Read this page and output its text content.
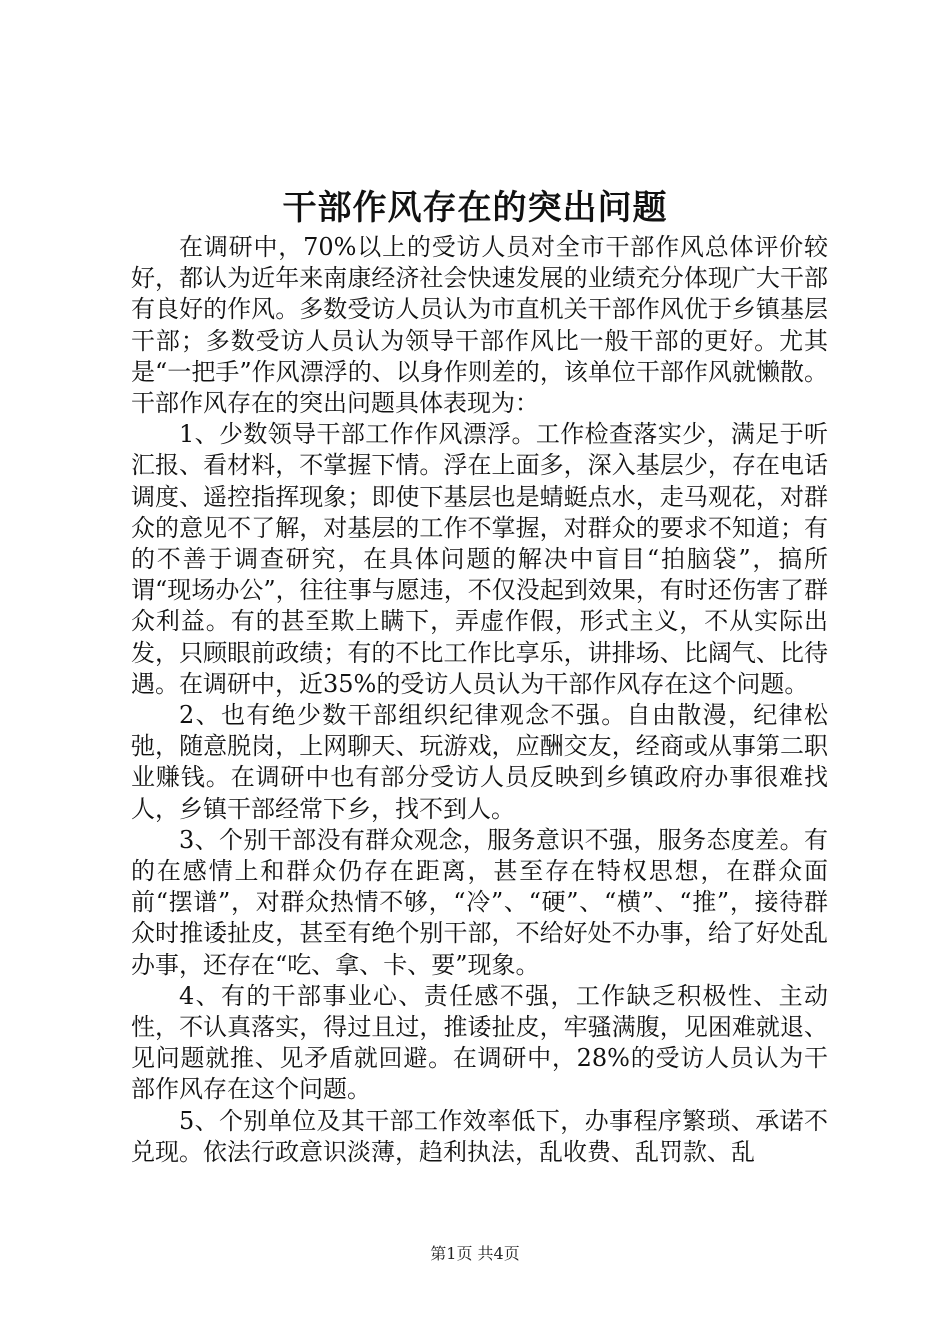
干部作风存在的突出问题

在调研中，70%以上的受访人员对全市干部作风总体评价较好，都认为近年来南康经济社会快速发展的业绩充分体现广大干部有良好的作风。多数受访人员认为市直机关干部作风优于乡镇基层干部；多数受访人员认为领导干部作风比一般干部的更好。尤其是“一把手”作风漂浮的、以身作则差的，该单位干部作风就懒散。干部作风存在的突出问题具体表现为：

1、少数领导干部工作作风漂浮。工作检查落实少，满足于听汇报、看材料，不掌握下情。浮在上面多，深入基层少，存在电话调度、遥控指挥现象；即使下基层也是蜻蜓点水，走马观花，对群众的意见不了解，对基层的工作不掌握，对群众的要求不知道；有的不善于调查研究，在具体问题的解决中盲目“拍脑袋”，搞所谓“现场办公”，往往事与愿违，不仅没起到效果，有时还伤害了群众利益。有的甚至欺上瞒下，弄虚作假，形式主义，不从实际出发，只顾眼前政绩；有的不比工作比享乐，讲排场、比阔气、比待遇。在调研中，近35%的受访人员认为干部作风存在这个问题。

2、也有绝少数干部组织纪律观念不强。自由散漫，纪律松弛，随意脱岗，上网聊天、玩游戏，应酬交友，经商或从事第二职业赚钱。在调研中也有部分受访人员反映到乡镇政府办事很难找人，乡镇干部经常下乡，找不到人。

3、个别干部没有群众观念，服务意识不强，服务态度差。有的在感情上和群众仍存在距离，甚至存在特权思想，在群众面前“摆谱”，对群众热情不够，“冷”、“硬”、“横”、“推”，接待群众时推诿扯皮，甚至有绝个别干部，不给好处不办事，给了好处乱办事，还存在“吃、拿、卡、要”现象。

4、有的干部事业心、责任感不强，工作缺乏积极性、主动性，不认真落实，得过且过，推诿扯皮，牢骚满腹，见困难就退、见问题就推、见矛盾就回避。在调研中，28%的受访人员认为干部作风存在这个问题。

5、个别单位及其干部工作效率低下，办事程序繁琐、承诺不兑现。依法行政意识淡薄，趋利执法，乱收费、乱罚款、乱

第1页 共4页
